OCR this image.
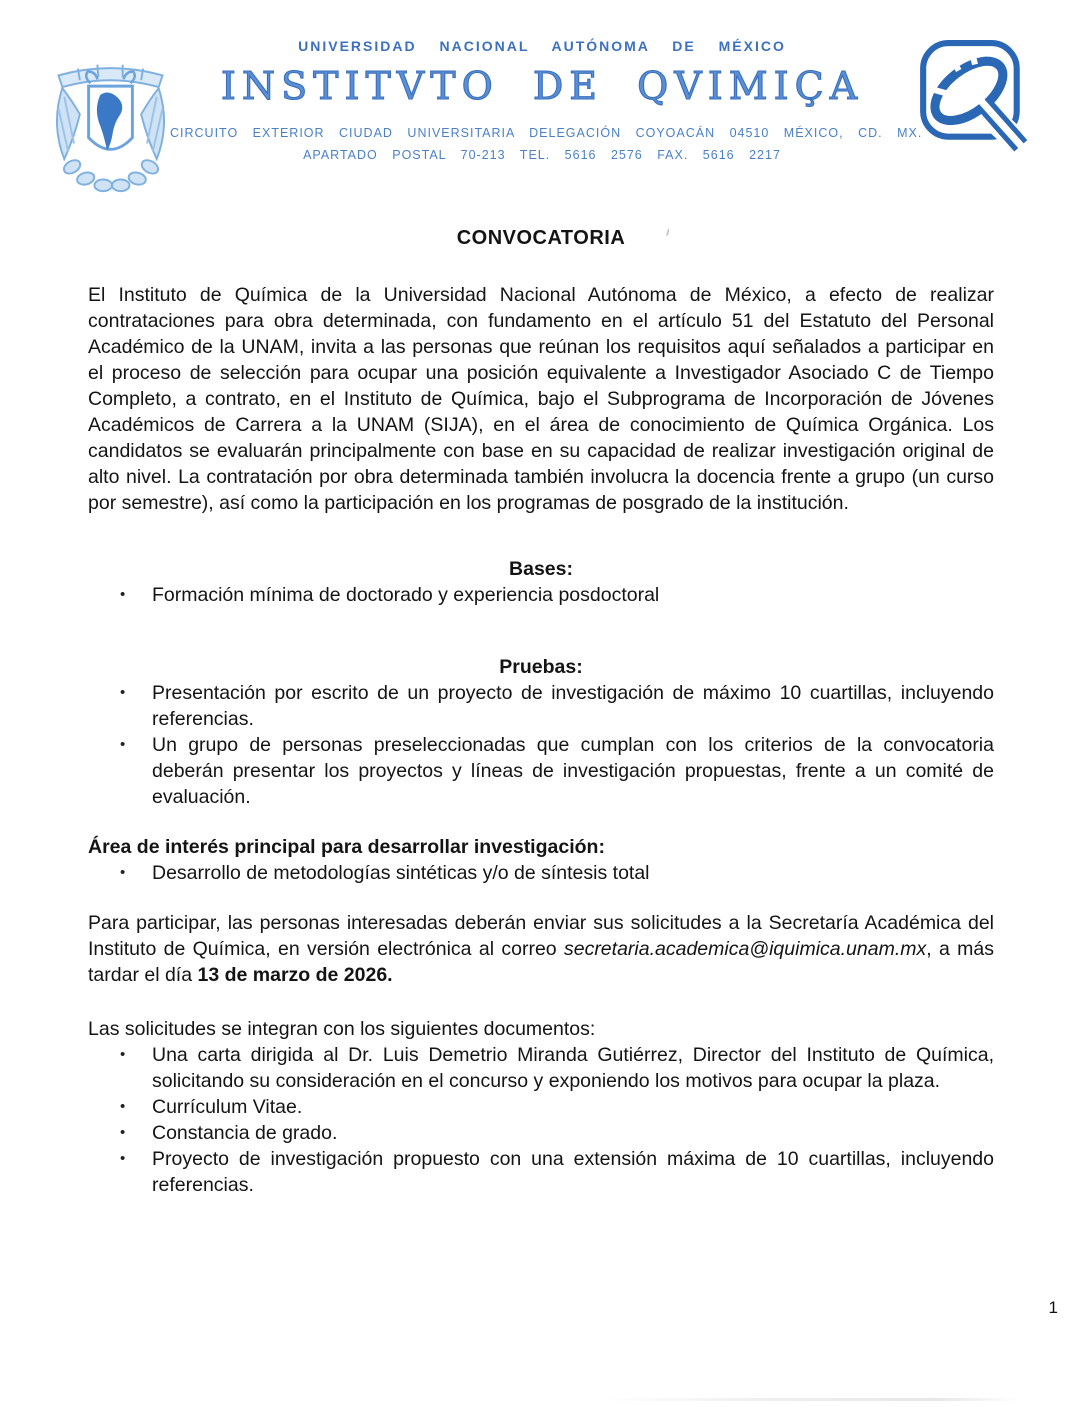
UNIVERSIDAD NACIONAL AUTÓNOMA DE MÉXICO
INSTITVTO DE QVIMIÇA
CIRCUITO EXTERIOR CIUDAD UNIVERSITARIA DELEGACIÓN COYOACÁN 04510 MÉXICO, CD. MX.
APARTADO POSTAL 70-213 TEL. 5616 2576 FAX. 5616 2217
CONVOCATORIA

El Instituto de Química de la Universidad Nacional Autónoma de México, a efecto de realizar contrataciones para obra determinada, con fundamento en el artículo 51 del Estatuto del Personal Académico de la UNAM, invita a las personas que reúnan los requisitos aquí señalados a participar en el proceso de selección para ocupar una posición equivalente a Investigador Asociado C de Tiempo Completo, a contrato, en el Instituto de Química, bajo el Subprograma de Incorporación de Jóvenes Académicos de Carrera a la UNAM (SIJA), en el área de conocimiento de Química Orgánica. Los candidatos se evaluarán principalmente con base en su capacidad de realizar investigación original de alto nivel. La contratación por obra determinada también involucra la docencia frente a grupo (un curso por semestre), así como la participación en los programas de posgrado de la institución.

Bases:
• Formación mínima de doctorado y experiencia posdoctoral
Pruebas:
• Presentación por escrito de un proyecto de investigación de máximo 10 cuartillas, incluyendo referencias.
• Un grupo de personas preseleccionadas que cumplan con los criterios de la convocatoria deberán presentar los proyectos y líneas de investigación propuestas, frente a un comité de evaluación.
Área de interés principal para desarrollar investigación:
• Desarrollo de metodologías sintéticas y/o de síntesis total

Para participar, las personas interesadas deberán enviar sus solicitudes a la Secretaría Académica del Instituto de Química, en versión electrónica al correo secretaria.academica@iquimica.unam.mx, a más tardar el día 13 de marzo de 2026.

Las solicitudes se integran con los siguientes documentos:

• Una carta dirigida al Dr. Luis Demetrio Miranda Gutiérrez, Director del Instituto de Química, solicitando su consideración en el concurso y exponiendo los motivos para ocupar la plaza.
• Currículum Vitae.
• Constancia de grado.
• Proyecto de investigación propuesto con una extensión máxima de 10 cuartillas, incluyendo referencias.
1
